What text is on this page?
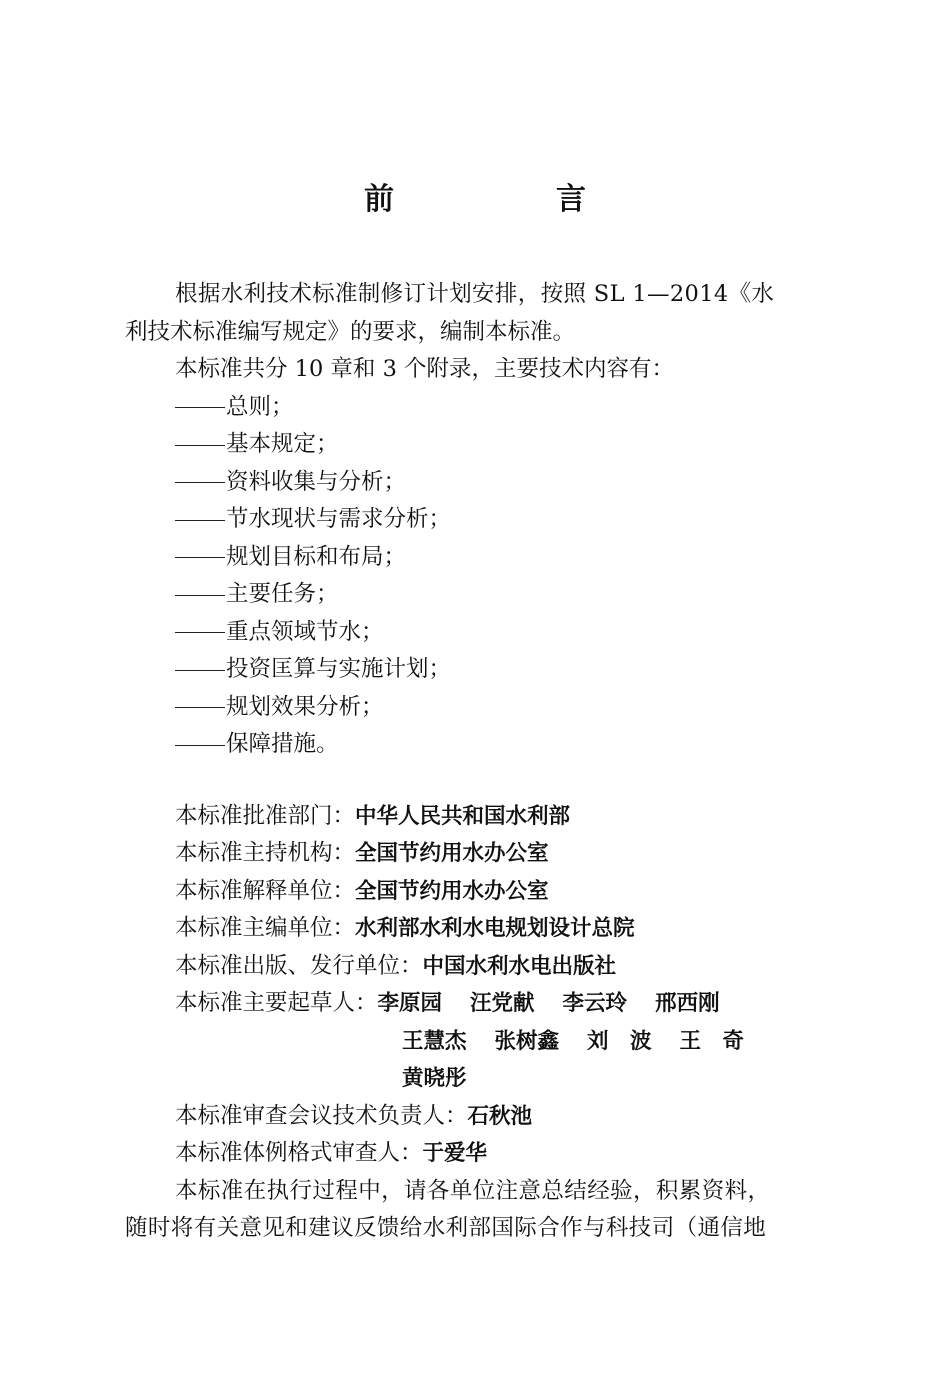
前　言
根据水利技术标准制修订计划安排，按照 SL 1—2014《水
利技术标准编写规定》的要求，编制本标准。
本标准共分 10 章和 3 个附录，主要技术内容有：
总则；
基本规定；
资料收集与分析；
节水现状与需求分析；
规划目标和布局；
主要任务；
重点领域节水；
投资匡算与实施计划；
规划效果分析；
保障措施。
本标准批准部门：中华人民共和国水利部
本标准主持机构：全国节约用水办公室
本标准解释单位：全国节约用水办公室
本标准主编单位：水利部水利水电规划设计总院
本标准出版、发行单位：中国水利水电出版社
本标准主要起草人：李原园 汪党献 李云玲 邢西刚
王慧杰 张树鑫 刘　波 王　奇
黄晓彤
本标准审查会议技术负责人：石秋池
本标准体例格式审查人：于爱华
本标准在执行过程中，请各单位注意总结经验，积累资料，
随时将有关意见和建议反馈给水利部国际合作与科技司（通信地
